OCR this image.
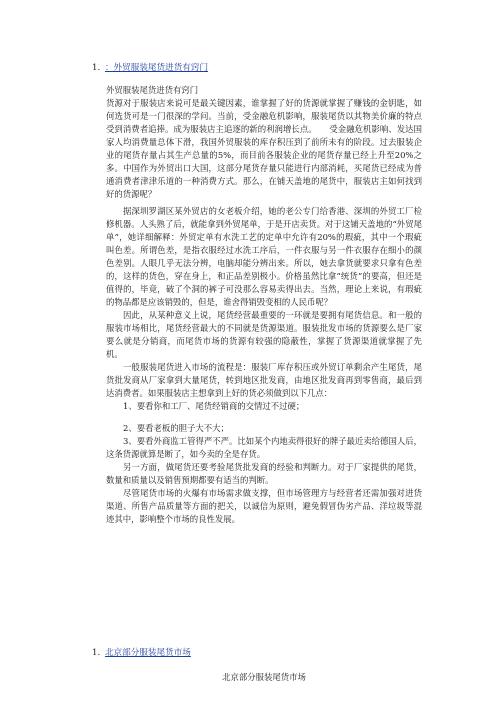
1. ：外贸服装尾货进货有窍门

外贸服装尾货进货有窍门

货源对于服装店来说可是最关键因素，谁掌握了好的货源就掌握了赚钱的金钥匙，如何选货可是一门很深的学问。当前，受金融危机影响，服装尾货以其物美价廉的特点受到消费者追捧。成为服装店主追逐的新的利润增长点。　　受金融危机影响、发达国家人均消费量总体下滑，我国外贸服装的库存积压到了前所未有的阶段。过去服装企业的尾货存量占其生产总量的5%，而目前各服装企业的尾货存量已经上升至20%之多。中国作为外贸出口大国，这部分尾货存量只能进行内部消耗，买尾货已经成为普通消费者津津乐道的一种消费方式。那么，在铺天盖地的尾货中，服装店主如何找到好的货源呢？

据深圳罗湖区某外贸店的女老板介绍，她的老公专门给香港、深圳的外贸工厂检修机器。人头熟了后，就能拿到外贸尾单，于是开店卖货。对于这铺天盖地的“外贸尾单”，她详细解释：外贸定单有水洗工艺的定单中允许有20%的瑕疵，其中一个瑕疵叫色差。所谓色差，是指衣服经过水洗工序后，一件衣服与另一件衣服存在细小的颜色差别。人眼几乎无法分辨，电脑却能分辨出来。所以，她去拿货就要求只拿有色差的，这样的货色，穿在身上，和正品差别极小。价格虽然比拿“统货”的要高，但还是值得的，毕竟，破了个洞的裤子可没那么容易卖得出去。当然，理论上来说，有瑕疵的物品都是应该销毁的，但是，谁舍得销毁变相的人民币呢？

因此，从某种意义上说，尾货经营最重要的一环就是要拥有尾货信息。和一般的服装市场相比，尾货经营最大的不同就是货源渠道。服装批发市场的货源要么是厂家要么就是分销商，而尾货市场的货源有较强的隐蔽性，掌握了货源渠道就掌握了先机。

一般服装尾货进入市场的流程是：服装厂库存积压或外贸订单剩余产生尾货，尾货批发商从厂家拿到大量尾货，转到地区批发商，由地区批发商再到零售商，最后到达消费者。如果服装店主想拿到上好的货必须做到以下几点：

1、要看你和工厂、尾货经销商的交情过不过硬；

2、要看老板的胆子大不大；

3、要看外商监工管得严不严。比如某个内地卖得很好的牌子最近卖给德国人后，这条货源就算是断了，如今卖的全是存货。

另一方面，做尾货还要考验尾货批发商的经验和判断力。对于厂家提供的尾货，数量和质量以及销售预期都要有适当的判断。

尽管尾货市场的火爆有市场需求做支撑，但市场管理方与经营者还需加强对进货渠道、所售产品质量等方面的把关，以诚信为原则，避免假冒伪劣产品、洋垃圾等混迹其中，影响整个市场的良性发展。

1. 北京部分服装尾货市场

北京部分服装尾货市场
